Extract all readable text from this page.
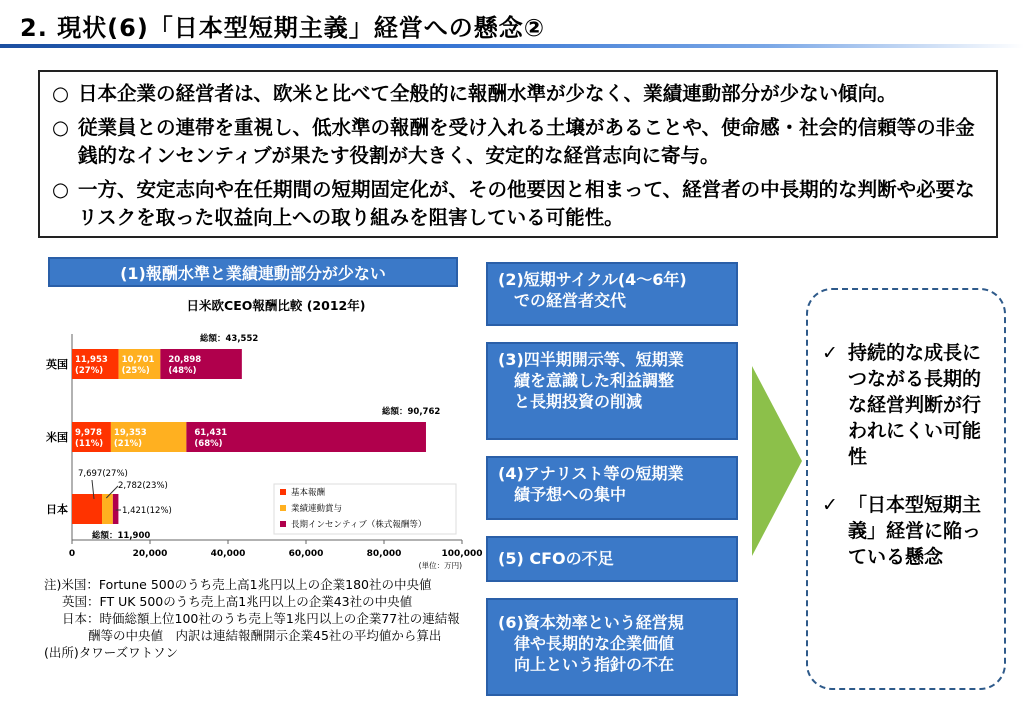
2. 現状(6)「日本型短期主義」経営への懸念②
○ 日本企業の経営者は、欧米と比べて全般的に報酬水準が少なく、業績連動部分が少ない傾向。
○ 従業員との連帯を重視し、低水準の報酬を受け入れる土壌があることや、使命感・社会的信頼等の非金銭的なインセンティブが果たす役割が大きく、安定的な経営志向に寄与。
○ 一方、安定志向や在任期間の短期固定化が、その他要因と相まって、経営者の中長期的な判断や必要なリスクを取った収益向上への取り組みを阻害している可能性。
(1)報酬水準と業績連動部分が少ない
日米欧CEO報酬比較 (2012年)
0	20,000	40,000	60,000	80,000	100,000
(単位：万円)
英国 11,953
(27%)
10,701
(25%)
20,898
(48%)
総額：43,552
米国 9,978
(11%)
19,353
(21%)
61,431
(68%)
総額：90,762
日本
7,697(27%)
2,782(23%)
1,421(12%)
総額：11,900
基本報酬
業績連動賞与
長期インセンティブ（株式報酬等）
(2)短期サイクル(4～6年)
　での経営者交代
(3)四半期開示等、短期業
　績を意識した利益調整
　と長期投資の削減
(4)アナリスト等の短期業
　績予想への集中
(5) CFOの不足
(6)資本効率という経営規
　律や長期的な企業価値
　向上という指針の不在
✓ 持続的な成長につながる長期的な経営判断が行われにくい可能性
✓ 「日本型短期主義」経営に陥っている懸念
注)米国：Fortune 500のうち売上高1兆円以上の企業180社の中央値
英国：FT UK 500のうち売上高1兆円以上の企業43社の中央値
日本：時価総額上位100社のうち売上等1兆円以上の企業77社の連結報
酬等の中央値　内訳は連結報酬開示企業45社の平均値から算出
(出所)タワーズワトソン
